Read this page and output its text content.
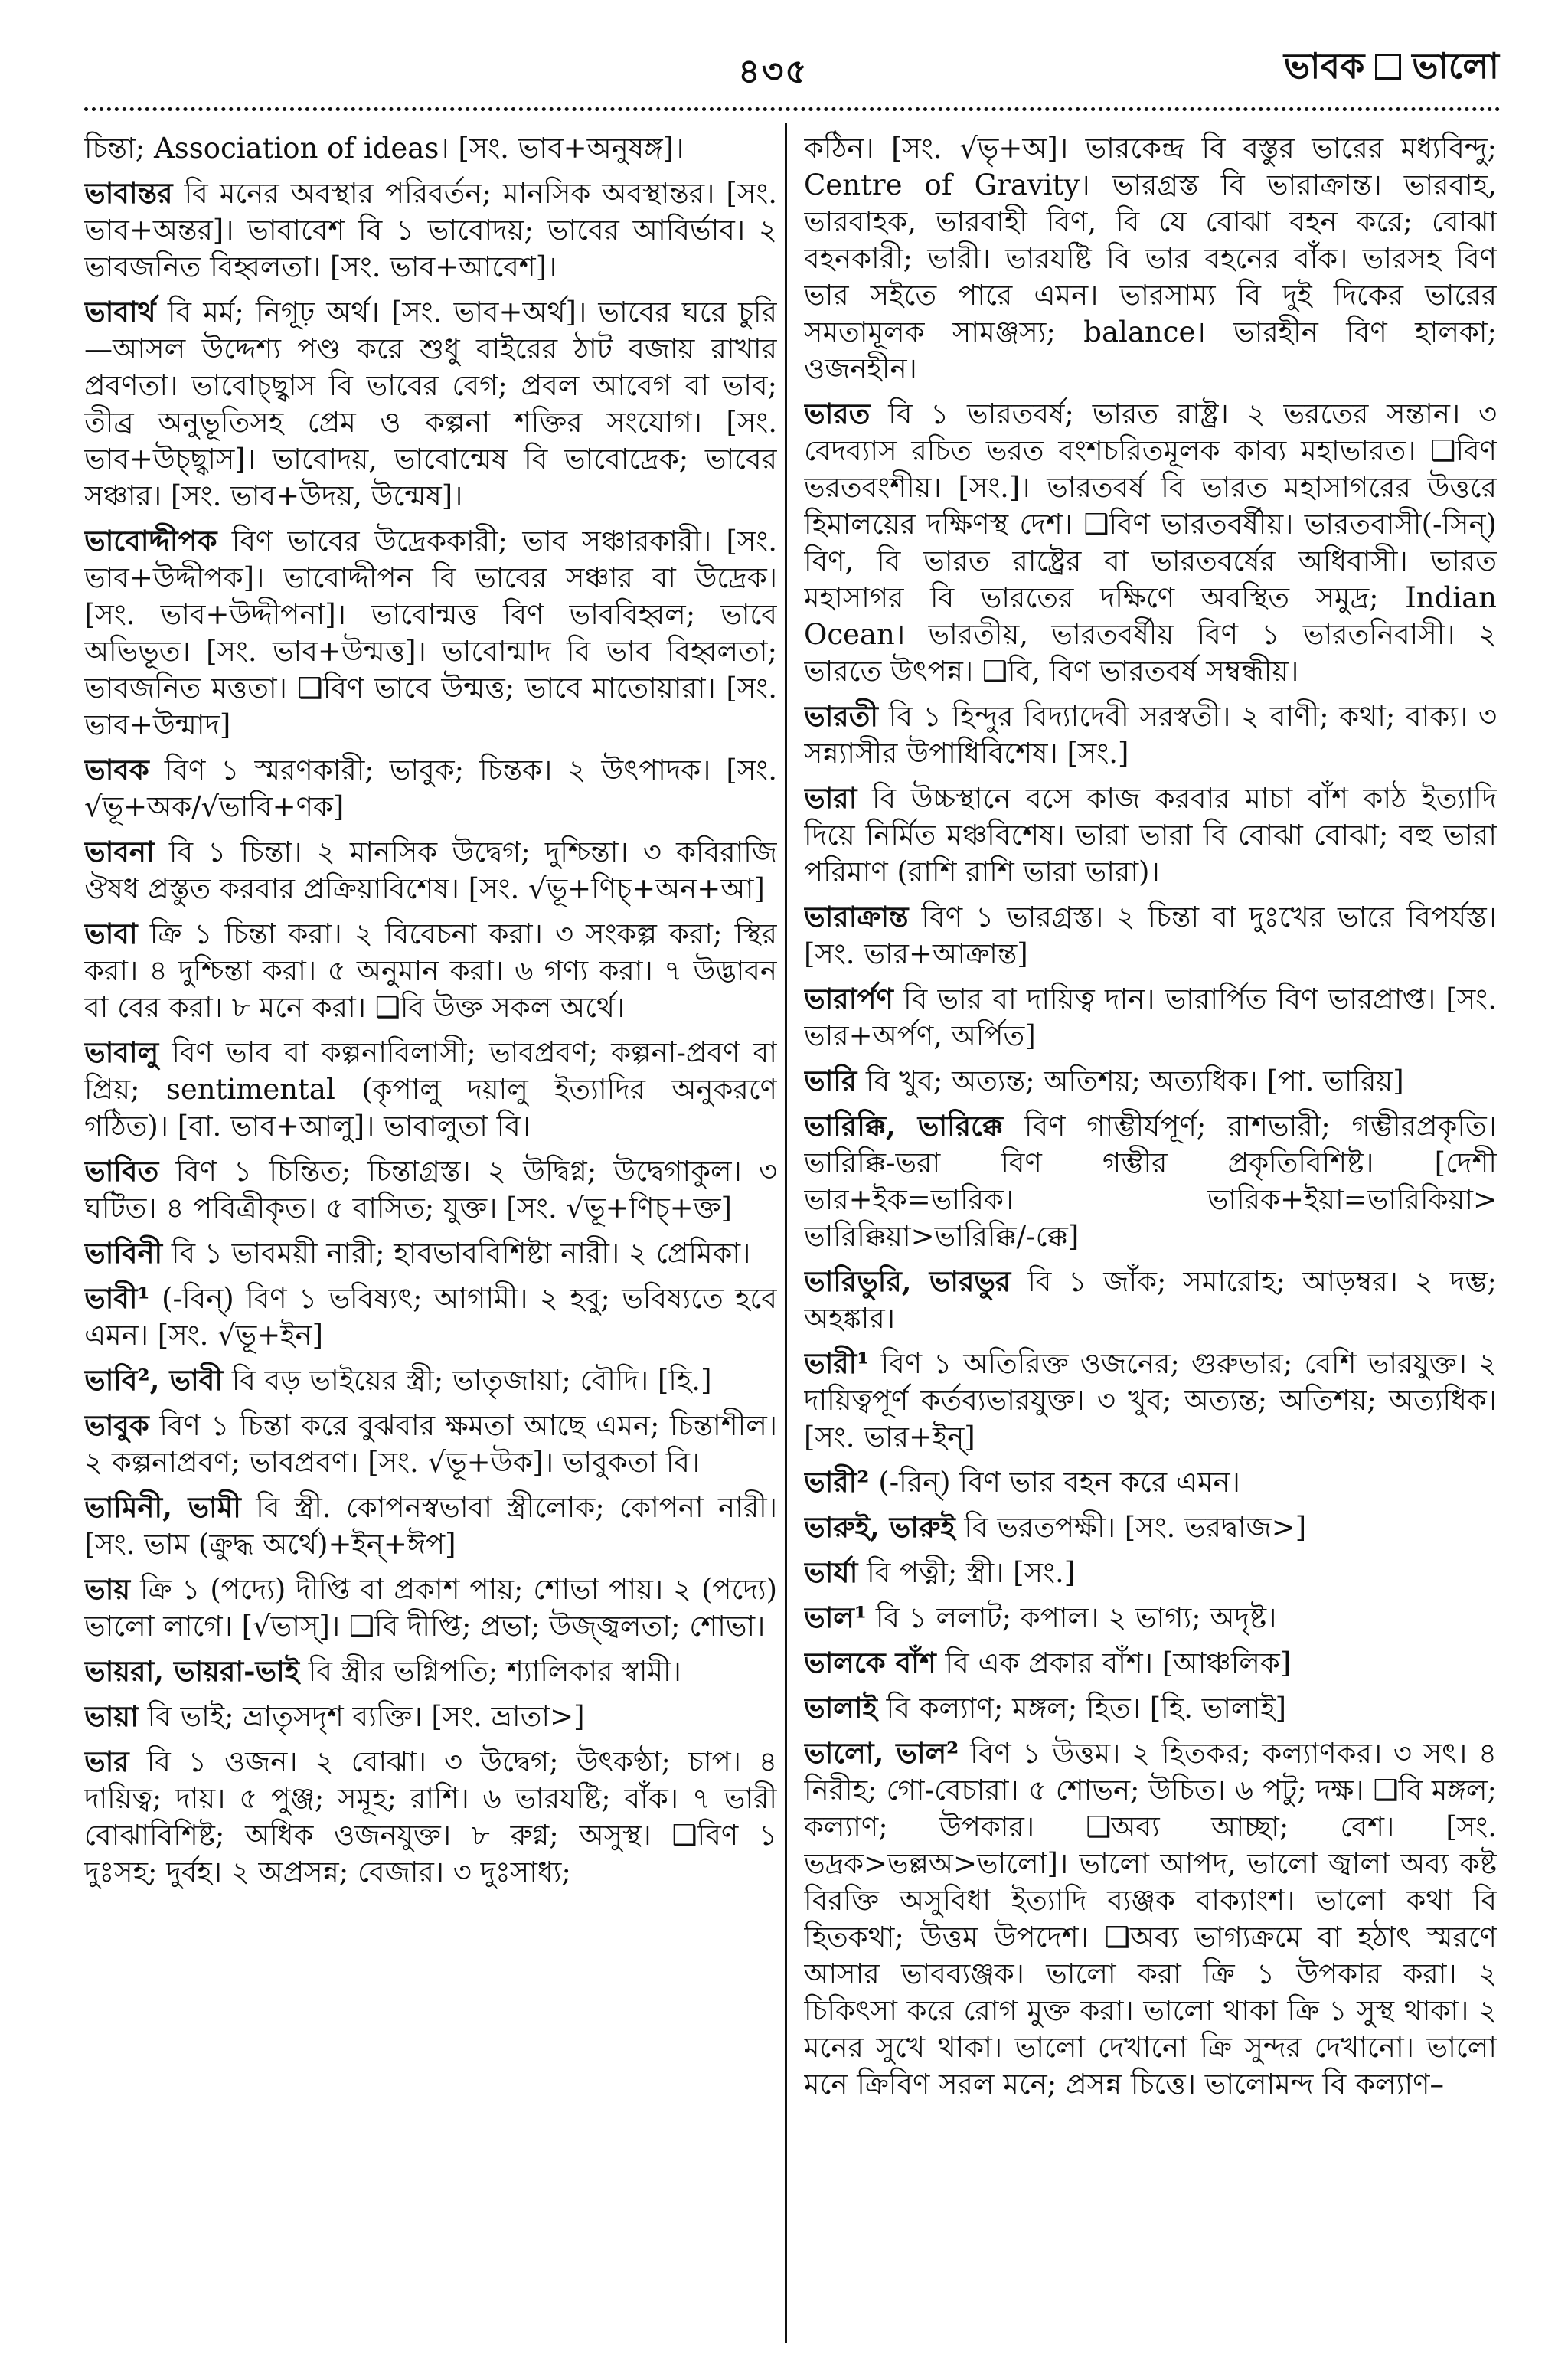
৪৩৫	ভাবক ভালো

চিন্তা; Association of ideas। [সং. ভাব+অনুষঙ্গ]।

ভাবান্তর বি মনের অবস্থার পরিবর্তন; মানসিক অবস্থান্তর। [সং. ভাব+অন্তর]। ভাবাবেশ বি ১ ভাবোদয়; ভাবের আবির্ভাব। ২ ভাবজনিত বিহ্বলতা। [সং. ভাব+আবেশ]।

ভাবার্থ বি মর্ম; নিগূঢ় অর্থ। [সং. ভাব+অর্থ]। ভাবের ঘরে চুরি—আসল উদ্দেশ্য পণ্ড করে শুধু বাইরের ঠাট বজায় রাখার প্রবণতা। ভাবোচ্ছ্বাস বি ভাবের বেগ; প্রবল আবেগ বা ভাব; তীব্র অনুভূতিসহ প্রেম ও কল্পনা শক্তির সংযোগ। [সং. ভাব+উচ্ছ্বাস]। ভাবোদয়, ভাবোন্মেষ বি ভাবোদ্রেক; ভাবের সঞ্চার। [সং. ভাব+উদয়, উন্মেষ]।

ভাবোদ্দীপক বিণ ভাবের উদ্রেককারী; ভাব সঞ্চারকারী। [সং. ভাব+উদ্দীপক]। ভাবোদ্দীপন বি ভাবের সঞ্চার বা উদ্রেক। [সং. ভাব+উদ্দীপনা]। ভাবোন্মত্ত বিণ ভাববিহ্বল; ভাবে অভিভূত। [সং. ভাব+উন্মত্ত]। ভাবোন্মাদ বি ভাব বিহ্বলতা; ভাবজনিত মত্ততা। ❑বিণ ভাবে উন্মত্ত; ভাবে মাতোয়ারা। [সং. ভাব+উন্মাদ]

ভাবক বিণ ১ স্মরণকারী; ভাবুক; চিন্তক। ২ উৎপাদক। [সং. √ভূ+অক/√ভাবি+ণক]

ভাবনা বি ১ চিন্তা। ২ মানসিক উদ্বেগ; দুশ্চিন্তা। ৩ কবিরাজি ঔষধ প্রস্তুত করবার প্রক্রিয়াবিশেষ। [সং. √ভূ+ণিচ্+অন+আ]

ভাবা ক্রি ১ চিন্তা করা। ২ বিবেচনা করা। ৩ সংকল্প করা; স্থির করা। ৪ দুশ্চিন্তা করা। ৫ অনুমান করা। ৬ গণ্য করা। ৭ উদ্ভাবন বা বের করা। ৮ মনে করা। ❑বি উক্ত সকল অর্থে।

ভাবালু বিণ ভাব বা কল্পনাবিলাসী; ভাবপ্রবণ; কল্পনা-প্রবণ বা প্রিয়; sentimental (কৃপালু দয়ালু ইত্যাদির অনুকরণে গঠিত)। [বা. ভাব+আলু]। ভাবালুতা বি।

ভাবিত বিণ ১ চিন্তিত; চিন্তাগ্রস্ত। ২ উদ্বিগ্ন; উদ্বেগাকুল। ৩ ঘটিত। ৪ পবিত্রীকৃত। ৫ বাসিত; যুক্ত। [সং. √ভূ+ণিচ্+ক্ত]

ভাবিনী বি ১ ভাবময়ী নারী; হাবভাববিশিষ্টা নারী। ২ প্রেমিকা।

ভাবী¹ (-বিন্) বিণ ১ ভবিষ্যৎ; আগামী। ২ হবু; ভবিষ্যতে হবে এমন। [সং. √ভূ+ইন]

ভাবি², ভাবী বি বড় ভাইয়ের স্ত্রী; ভাতৃজায়া; বৌদি। [হি.]

ভাবুক বিণ ১ চিন্তা করে বুঝবার ক্ষমতা আছে এমন; চিন্তাশীল। ২ কল্পনাপ্রবণ; ভাবপ্রবণ। [সং. √ভূ+উক]। ভাবুকতা বি।

ভামিনী, ভামী বি স্ত্রী. কোপনস্বভাবা স্ত্রীলোক; কোপনা নারী। [সং. ভাম (ক্রুদ্ধ অর্থে)+ইন্+ঈপ]

ভায় ক্রি ১ (পদ্যে) দীপ্তি বা প্রকাশ পায়; শোভা পায়। ২ (পদ্যে) ভালো লাগে। [√ভাস্]। ❑বি দীপ্তি; প্রভা; উজ্জ্বলতা; শোভা।

ভায়রা, ভায়রা-ভাই বি স্ত্রীর ভগ্নিপতি; শ্যালিকার স্বামী।

ভায়া বি ভাই; ভ্রাতৃসদৃশ ব্যক্তি। [সং. ভ্রাতা>]

ভার বি ১ ওজন। ২ বোঝা। ৩ উদ্বেগ; উৎকণ্ঠা; চাপ। ৪ দায়িত্ব; দায়। ৫ পুঞ্জ; সমূহ; রাশি। ৬ ভারযষ্টি; বাঁক। ৭ ভারী বোঝাবিশিষ্ট; অধিক ওজনযুক্ত। ৮ রুগ্ন; অসুস্থ। ❑বিণ ১ দুঃসহ; দুর্বহ। ২ অপ্রসন্ন; বেজার। ৩ দুঃসাধ্য;

কঠিন। [সং. √ভৃ+অ]। ভারকেন্দ্র বি বস্তুর ভারের মধ্যবিন্দু; Centre of Gravity। ভারগ্রস্ত বি ভারাক্রান্ত। ভারবাহ, ভারবাহক, ভারবাহী বিণ, বি যে বোঝা বহন করে; বোঝা বহনকারী; ভারী। ভারযষ্টি বি ভার বহনের বাঁক। ভারসহ বিণ ভার সইতে পারে এমন। ভারসাম্য বি দুই দিকের ভারের সমতামূলক সামঞ্জস্য; balance। ভারহীন বিণ হালকা; ওজনহীন।

ভারত বি ১ ভারতবর্ষ; ভারত রাষ্ট্র। ২ ভরতের সন্তান। ৩ বেদব্যাস রচিত ভরত বংশচরিতমূলক কাব্য মহাভারত। ❑বিণ ভরতবংশীয়। [সং.]। ভারতবর্ষ বি ভারত মহাসাগরের উত্তরে হিমালয়ের দক্ষিণস্থ দেশ। ❑বিণ ভারতবর্ষীয়। ভারতবাসী(-সিন্) বিণ, বি ভারত রাষ্ট্রের বা ভারতবর্ষের অধিবাসী। ভারত মহাসাগর বি ভারতের দক্ষিণে অবস্থিত সমুদ্র; Indian Ocean। ভারতীয়, ভারতবর্ষীয় বিণ ১ ভারতনিবাসী। ২ ভারতে উৎপন্ন। ❑বি, বিণ ভারতবর্ষ সম্বন্ধীয়।

ভারতী বি ১ হিন্দুর বিদ্যাদেবী সরস্বতী। ২ বাণী; কথা; বাক্য। ৩ সন্ন্যাসীর উপাধিবিশেষ। [সং.]

ভারা বি উচ্চস্থানে বসে কাজ করবার মাচা বাঁশ কাঠ ইত্যাদি দিয়ে নির্মিত মঞ্চবিশেষ। ভারা ভারা বি বোঝা বোঝা; বহু ভারা পরিমাণ (রাশি রাশি ভারা ভারা)।

ভারাক্রান্ত বিণ ১ ভারগ্রস্ত। ২ চিন্তা বা দুঃখের ভারে বিপর্যস্ত। [সং. ভার+আক্রান্ত]

ভারার্পণ বি ভার বা দায়িত্ব দান। ভারার্পিত বিণ ভারপ্রাপ্ত। [সং. ভার+অর্পণ, অর্পিত]

ভারি বি খুব; অত্যন্ত; অতিশয়; অত্যধিক। [পা. ভারিয়]

ভারিক্কি, ভারিক্কে বিণ গাম্ভীর্যপূর্ণ; রাশভারী; গম্ভীরপ্রকৃতি। ভারিক্কি-ভরা বিণ গম্ভীর প্রকৃতিবিশিষ্ট। [দেশী ভার+ইক=ভারিক। ভারিক+ইয়া=ভারিকিয়া> ভারিক্কিয়া>ভারিক্কি/-ক্কে]

ভারিভুরি, ভারভুর বি ১ জাঁক; সমারোহ; আড়ম্বর। ২ দম্ভ; অহঙ্কার।

ভারী¹ বিণ ১ অতিরিক্ত ওজনের; গুরুভার; বেশি ভারযুক্ত। ২ দায়িত্বপূর্ণ কর্তব্যভারযুক্ত। ৩ খুব; অত্যন্ত; অতিশয়; অত্যধিক। [সং. ভার+ইন্]

ভারী² (-রিন্) বিণ ভার বহন করে এমন।

ভারুই, ভারুই বি ভরতপক্ষী। [সং. ভরদ্বাজ>]

ভার্যা বি পত্নী; স্ত্রী। [সং.]

ভাল¹ বি ১ ললাট; কপাল। ২ ভাগ্য; অদৃষ্ট।

ভালকে বাঁশ বি এক প্রকার বাঁশ। [আঞ্চলিক]

ভালাই বি কল্যাণ; মঙ্গল; হিত। [হি. ভালাই]

ভালো, ভাল² বিণ ১ উত্তম। ২ হিতকর; কল্যাণকর। ৩ সৎ। ৪ নিরীহ; গো-বেচারা। ৫ শোভন; উচিত। ৬ পটু; দক্ষ। ❑বি মঙ্গল; কল্যাণ; উপকার। ❑অব্য আচ্ছা; বেশ। [সং. ভদ্রক>ভল্লঅ>ভালো]। ভালো আপদ, ভালো জ্বালা অব্য কষ্ট বিরক্তি অসুবিধা ইত্যাদি ব্যঞ্জক বাক্যাংশ। ভালো কথা বি হিতকথা; উত্তম উপদেশ। ❑অব্য ভাগ্যক্রমে বা হঠাৎ স্মরণে আসার ভাবব্যঞ্জক। ভালো করা ক্রি ১ উপকার করা। ২ চিকিৎসা করে রোগ মুক্ত করা। ভালো থাকা ক্রি ১ সুস্থ থাকা। ২ মনের সুখে থাকা। ভালো দেখানো ক্রি সুন্দর দেখানো। ভালো মনে ক্রিবিণ সরল মনে; প্রসন্ন চিত্তে। ভালোমন্দ বি কল্যাণ–
